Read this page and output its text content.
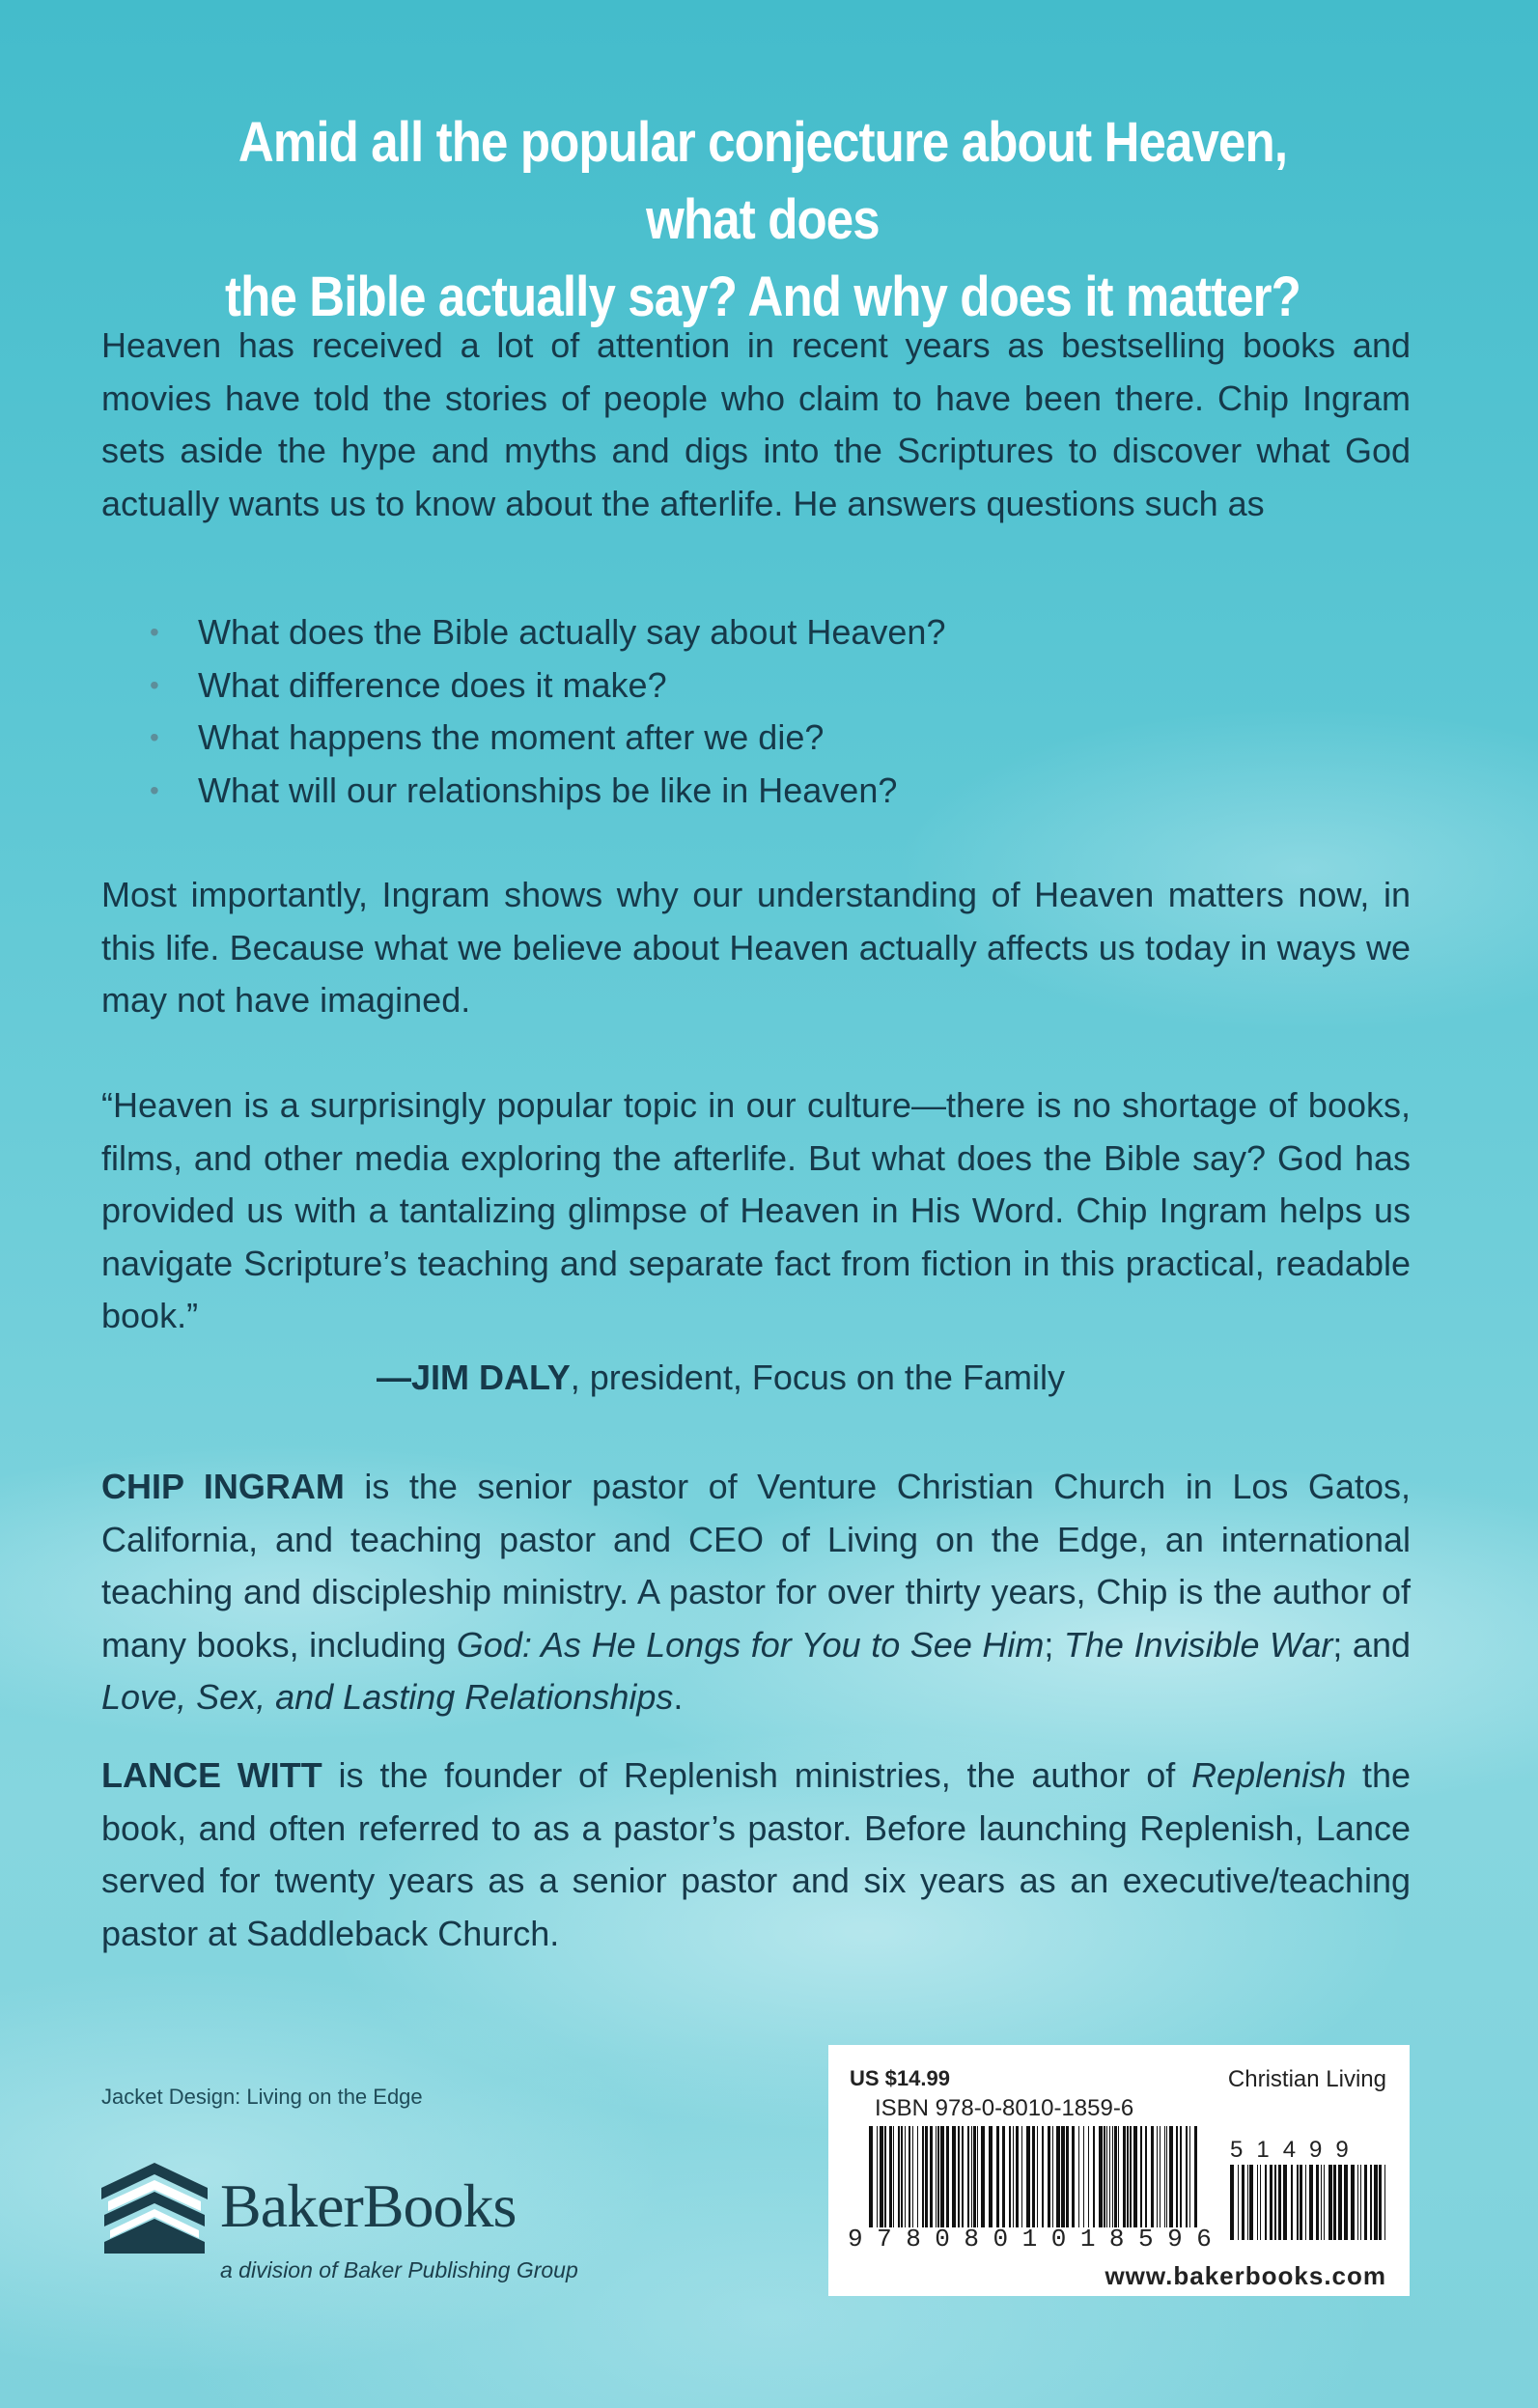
Amid all the popular conjecture about Heaven, what does
the Bible actually say? And why does it matter?

Heaven has received a lot of attention in recent years as bestselling books and movies have told the stories of people who claim to have been there. Chip Ingram sets aside the hype and myths and digs into the Scriptures to discover what God actually wants us to know about the afterlife. He answers questions such as

• What does the Bible actually say about Heaven?
• What difference does it make?
• What happens the moment after we die?
• What will our relationships be like in Heaven?

Most importantly, Ingram shows why our understanding of Heaven matters now, in this life. Because what we believe about Heaven actually affects us today in ways we may not have imagined.

“Heaven is a surprisingly popular topic in our culture—there is no shortage of books, films, and other media exploring the afterlife. But what does the Bible say? God has provided us with a tantalizing glimpse of Heaven in His Word. Chip Ingram helps us navigate Scripture’s teaching and separate fact from fiction in this practical, readable book.”

—JIM DALY, president, Focus on the Family

CHIP INGRAM is the senior pastor of Venture Christian Church in Los Gatos, California, and teaching pastor and CEO of Living on the Edge, an international teaching and discipleship ministry. A pastor for over thirty years, Chip is the author of many books, including God: As He Longs for You to See Him; The Invisible War; and Love, Sex, and Lasting Relationships.

LANCE WITT is the founder of Replenish ministries, the author of Replenish the book, and often referred to as a pastor’s pastor. Before launching Replenish, Lance served for twenty years as a senior pastor and six years as an executive/teaching pastor at Saddleback Church.

Jacket Design: Living on the Edge
BakerBooks
a division of Baker Publishing Group
US $14.99	Christian Living
ISBN 978-0-8010-1859-6
51499
9780801018596
www.bakerbooks.com
